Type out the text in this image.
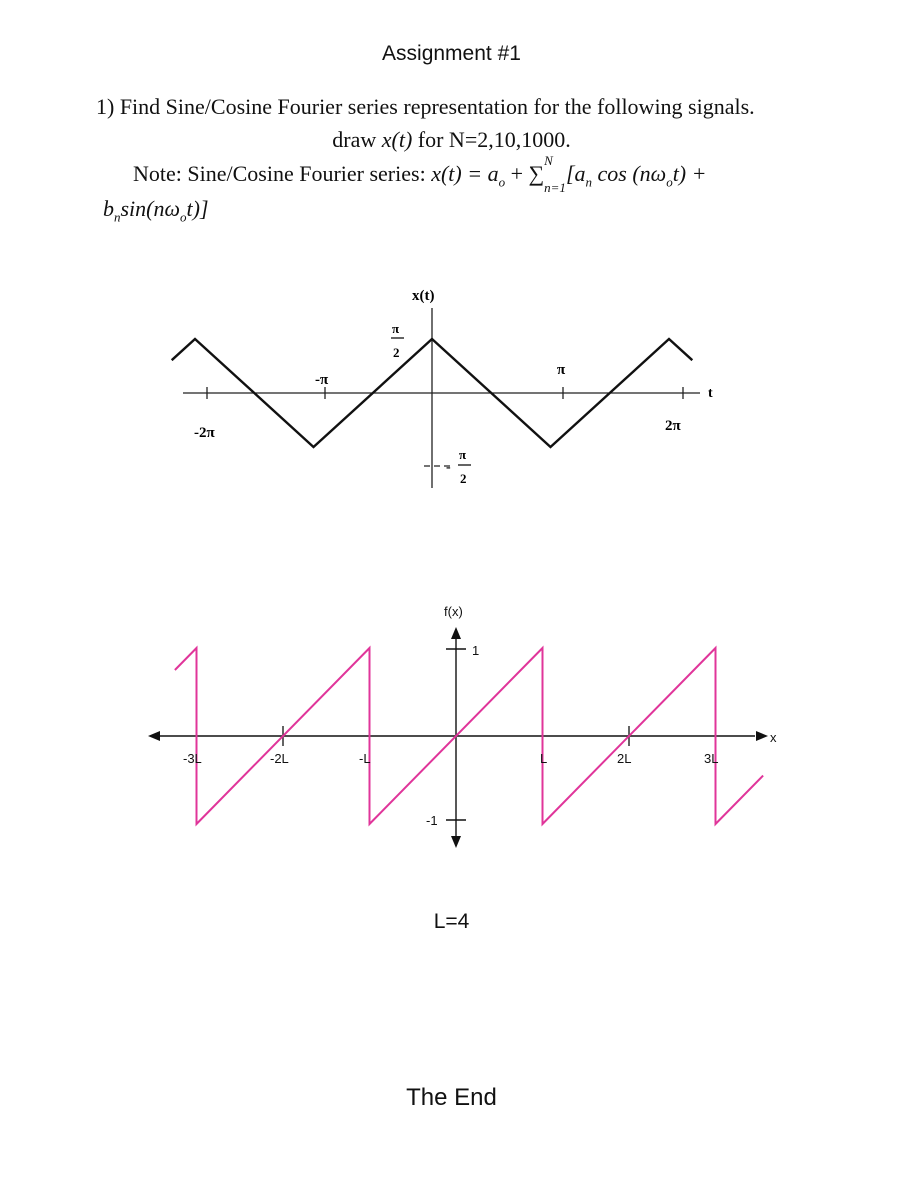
Assignment #1
1) Find Sine/Cosine Fourier series representation for the following signals.
draw x(t) for N=2,10,1000.
Note: Sine/Cosine Fourier series: $x(t) = a_o$ + ∑
N
$_{n=1}[a_n$ $\cos (n\omega_ot)$ +
$b_n\sin(n\omega_ot)$]
x(t)
t
-2π
-π
π
2π
π
2
-
π
2
f(x)
x
1
-1
-3L	-2L	-L	L	2L	3L
L=4
The End
